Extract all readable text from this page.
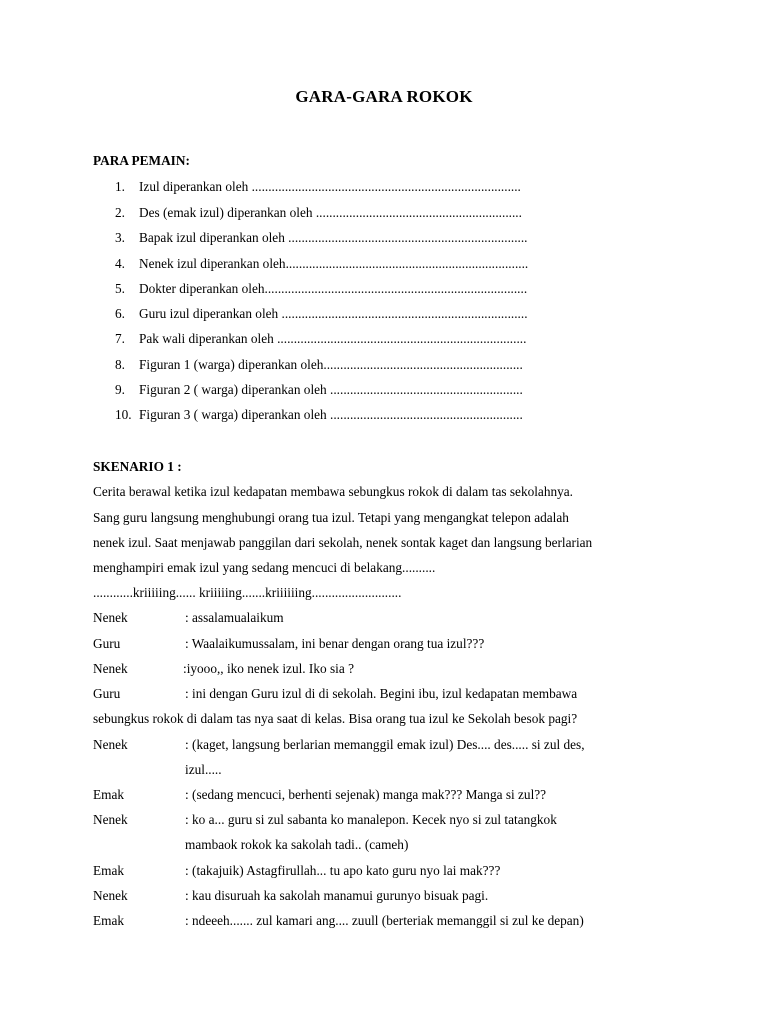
GARA-GARA ROKOK
PARA PEMAIN:
1. Izul diperankan oleh .................................................................................
2. Des (emak izul) diperankan oleh ..............................................................
3. Bapak izul diperankan oleh ........................................................................
4. Nenek izul diperankan oleh.........................................................................
5. Dokter diperankan oleh...............................................................................
6. Guru izul diperankan oleh ..........................................................................
7. Pak wali diperankan oleh ...........................................................................
8. Figuran 1 (warga) diperankan oleh............................................................
9. Figuran 2 ( warga) diperankan oleh ..........................................................
10. Figuran 3 ( warga) diperankan oleh ..........................................................
SKENARIO 1 :
Cerita berawal ketika izul kedapatan membawa sebungkus rokok di dalam tas sekolahnya.
Sang guru langsung menghubungi orang tua izul. Tetapi yang mengangkat telepon adalah
nenek izul. Saat menjawab panggilan dari sekolah, nenek sontak kaget dan langsung berlarian
menghampiri emak izul yang sedang mencuci di belakang..........
............kriiiiing...... kriiiiing.......kriiiiiing...........................
Nenek	: assalamualaikum
Guru	: Waalaikumussalam, ini benar dengan orang tua izul???
Nenek	:iyooo,, iko nenek izul. Iko sia ?
Guru	: ini dengan Guru izul di di sekolah. Begini ibu, izul kedapatan membawa
sebungkus rokok di dalam tas nya saat di kelas. Bisa orang tua izul ke Sekolah besok pagi?
Nenek	: (kaget, langsung berlarian memanggil emak izul) Des.... des..... si zul des,
izul.....
Emak	: (sedang mencuci, berhenti sejenak) manga mak??? Manga si zul??
Nenek	: ko a... guru si zul sabanta ko manalepon. Kecek nyo si zul tatangkok
mambaok rokok ka sakolah tadi.. (cameh)
Emak	: (takajuik) Astagfirullah... tu apo kato guru nyo lai mak???
Nenek	: kau disuruah ka sakolah manamui gurunyo bisuak pagi.
Emak	: ndeeeh....... zul kamari ang.... zuull (berteriak memanggil si zul ke depan)
